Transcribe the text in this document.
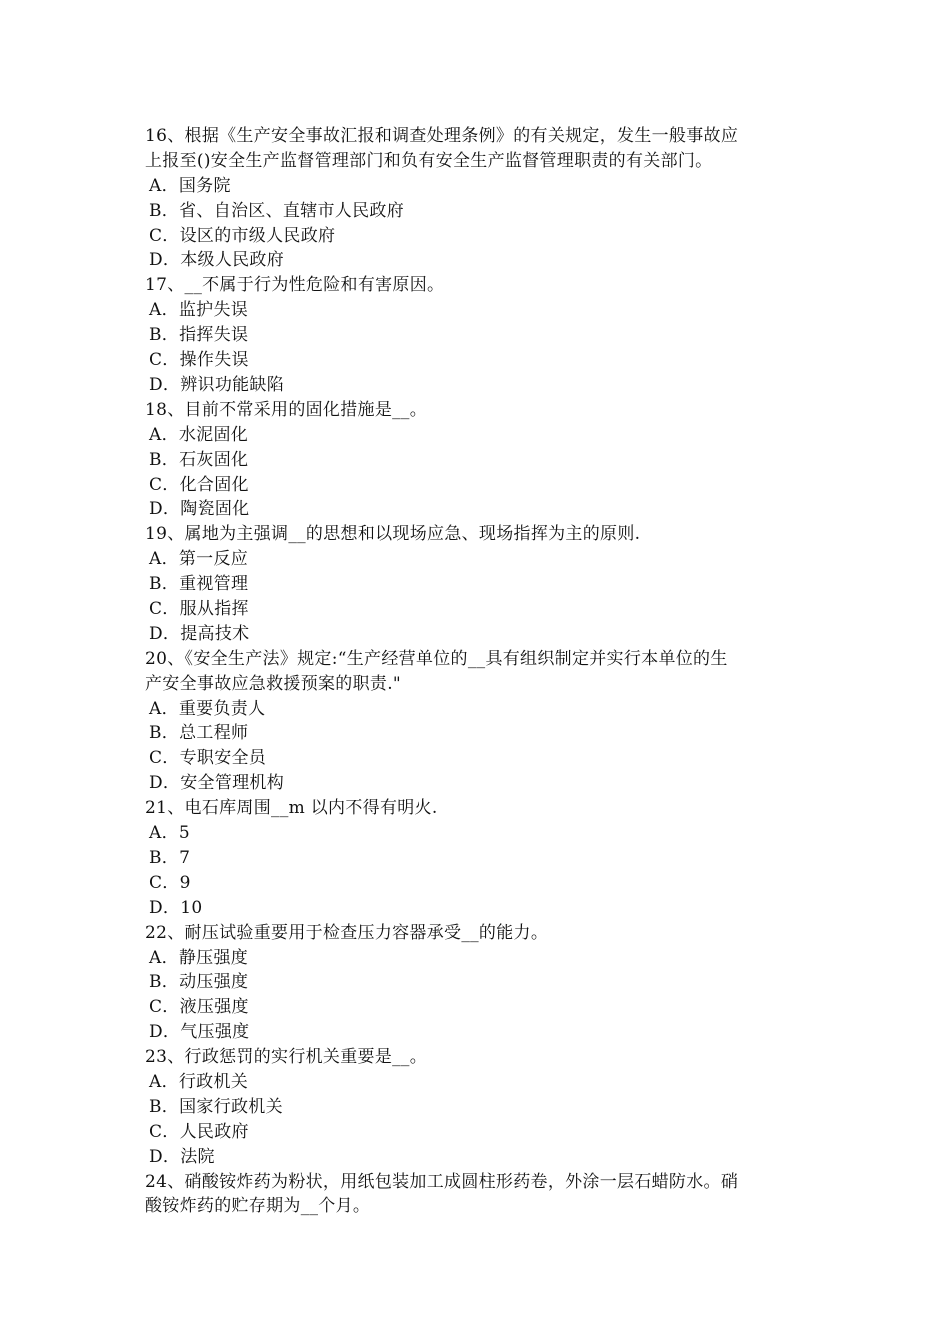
16、根据《生产安全事故汇报和调查处理条例》的有关规定，发生一般事故应
上报至()安全生产监督管理部门和负有安全生产监督管理职责的有关部门。
A．国务院
B．省、自治区、直辖市人民政府
C．设区的市级人民政府
D．本级人民政府
17、__不属于行为性危险和有害原因。
A．监护失误
B．指挥失误
C．操作失误
D．辨识功能缺陷
18、目前不常采用的固化措施是__。
A．水泥固化
B．石灰固化
C．化合固化
D．陶瓷固化
19、属地为主强调__的思想和以现场应急、现场指挥为主的原则.
A．第一反应
B．重视管理
C．服从指挥
D．提高技术
20、《安全生产法》规定:“生产经营单位的__具有组织制定并实行本单位的生
产安全事故应急救援预案的职责."
A．重要负责人
B．总工程师
C．专职安全员
D．安全管理机构
21、电石库周围__m 以内不得有明火.
A．5
B．7
C．9
D．10
22、耐压试验重要用于检查压力容器承受__的能力。
A．静压强度
B．动压强度
C．液压强度
D．气压强度
23、行政惩罚的实行机关重要是__。
A．行政机关
B．国家行政机关
C．人民政府
D．法院
24、硝酸铵炸药为粉状，用纸包装加工成圆柱形药卷，外涂一层石蜡防水。硝
酸铵炸药的贮存期为__个月。
